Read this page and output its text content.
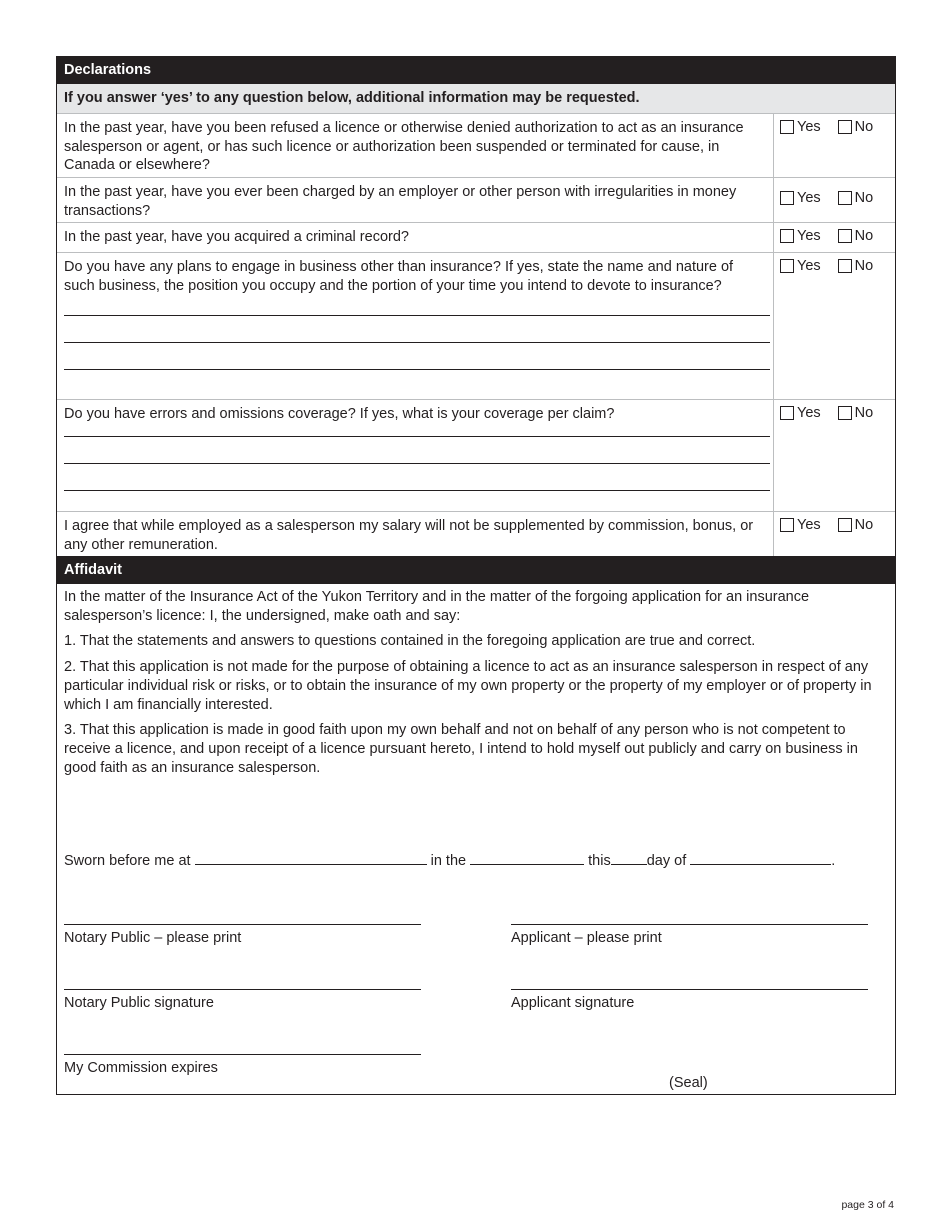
Declarations
If you answer ‘yes’ to any question below, additional information may be requested.
In the past year, have you been refused a licence or otherwise denied authorization to act as an insurance salesperson or agent, or has such licence or authorization been suspended or terminated for cause, in Canada or elsewhere?
Yes No
In the past year, have you ever been charged by an employer or other person with irregularities in money transactions?
Yes No
In the past year, have you acquired a criminal record?	Yes No
Do you have any plans to engage in business other than insurance? If yes, state the name and nature of such business, the position you occupy and the portion of your time you intend to devote to insurance?
Yes No
Do you have errors and omissions coverage? If yes, what is your coverage per claim?	Yes No
I agree that while employed as a salesperson my salary will not be supplemented by commission, bonus, or any other remuneration.
Yes No
Affidavit

In the matter of the Insurance Act of the Yukon Territory and in the matter of the forgoing application for an insurance salesperson’s licence: I, the undersigned, make oath and say:

1. That the statements and answers to questions contained in the foregoing application are true and correct.

2. That this application is not made for the purpose of obtaining a licence to act as an insurance salesperson in respect of any particular individual risk or risks, or to obtain the insurance of my own property or the property of my employer or of property in which I am financially interested.

3. That this application is made in good faith upon my own behalf and not on behalf of any person who is not competent to receive a licence, and upon receipt of a licence pursuant hereto, I intend to hold myself out publicly and carry on business in good faith as an insurance salesperson.

Sworn before me at	in the	this day of	.
Notary Public – please print	Applicant – please print
Notary Public signature	Applicant signature
My Commission expires
(Seal)
page 3 of 4
